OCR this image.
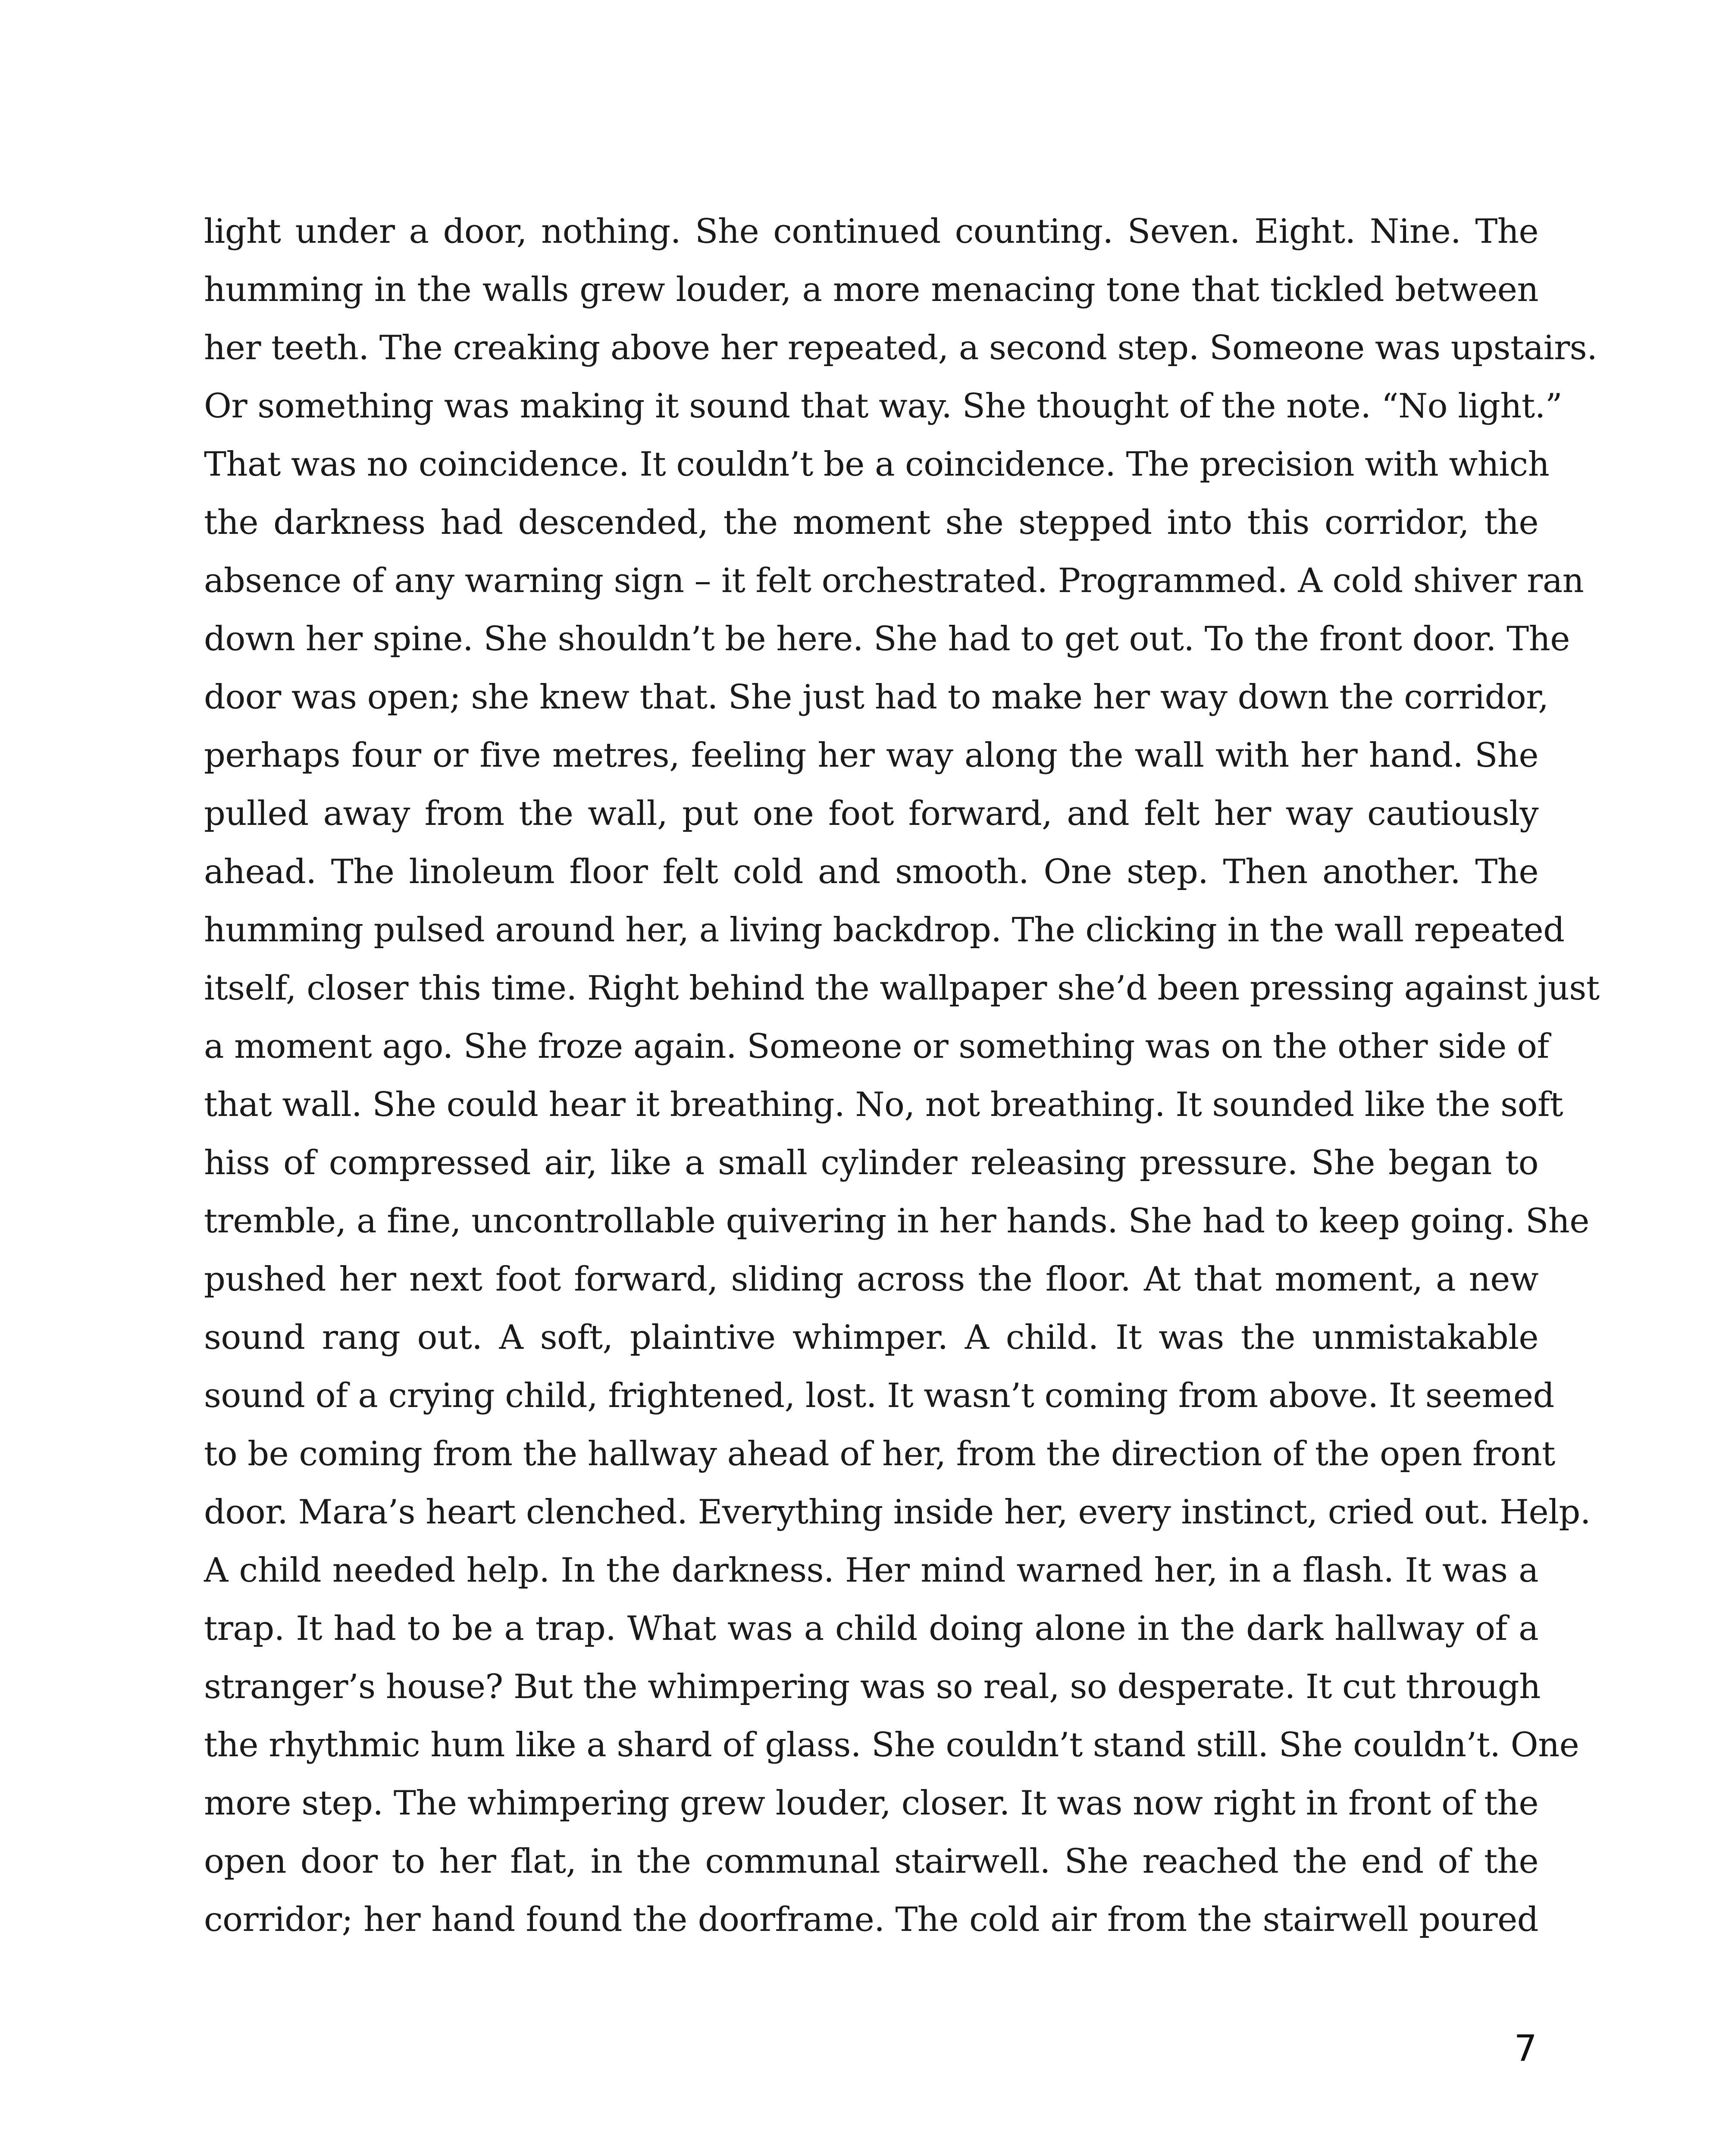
light under a door, nothing. She continued counting. Seven. Eight. Nine. The
humming in the walls grew louder, a more menacing tone that tickled between
her teeth. The creaking above her repeated, a second step. Someone was upstairs.
Or something was making it sound that way. She thought of the note. “No light.”
That was no coincidence. It couldn’t be a coincidence. The precision with which
the darkness had descended, the moment she stepped into this corridor, the
absence of any warning sign – it felt orchestrated. Programmed. A cold shiver ran
down her spine. She shouldn’t be here. She had to get out. To the front door. The
door was open; she knew that. She just had to make her way down the corridor,
perhaps four or five metres, feeling her way along the wall with her hand. She
pulled away from the wall, put one foot forward, and felt her way cautiously
ahead. The linoleum floor felt cold and smooth. One step. Then another. The
humming pulsed around her, a living backdrop. The clicking in the wall repeated
itself, closer this time. Right behind the wallpaper she’d been pressing against just
a moment ago. She froze again. Someone or something was on the other side of
that wall. She could hear it breathing. No, not breathing. It sounded like the soft
hiss of compressed air, like a small cylinder releasing pressure. She began to
tremble, a fine, uncontrollable quivering in her hands. She had to keep going. She
pushed her next foot forward, sliding across the floor. At that moment, a new
sound rang out. A soft, plaintive whimper. A child. It was the unmistakable
sound of a crying child, frightened, lost. It wasn’t coming from above. It seemed
to be coming from the hallway ahead of her, from the direction of the open front
door. Mara’s heart clenched. Everything inside her, every instinct, cried out. Help.
A child needed help. In the darkness. Her mind warned her, in a flash. It was a
trap. It had to be a trap. What was a child doing alone in the dark hallway of a
stranger’s house? But the whimpering was so real, so desperate. It cut through
the rhythmic hum like a shard of glass. She couldn’t stand still. She couldn’t. One
more step. The whimpering grew louder, closer. It was now right in front of the
open door to her flat, in the communal stairwell. She reached the end of the
corridor; her hand found the doorframe. The cold air from the stairwell poured
7
